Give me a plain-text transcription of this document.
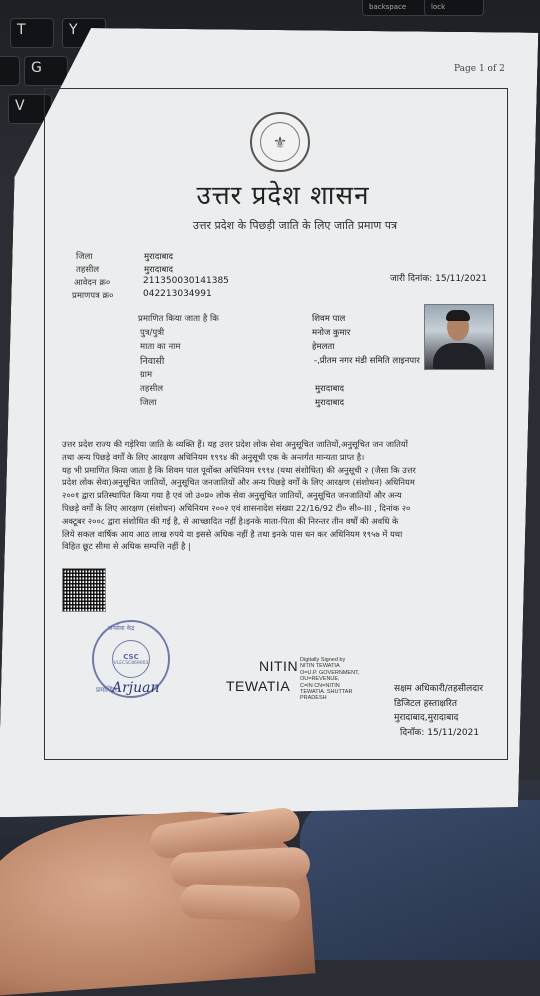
T	Y
G
V
backspace	lock
Page 1 of 2
⚜
उत्तर प्रदेश शासन
उत्तर प्रदेश के पिछड़ी जाति के लिए जाति प्रमाण पत्र
जिला	मुरादाबाद
तहसील	मुरादाबाद
आवेदन क्र०	211350030141385
प्रमाणपत्र क्र०	042213034991
जारी दिनांक: 15/11/2021
प्रमाणित किया जाता है कि	शिवम पाल
पुत्र/पुत्री	मनोज कुमार
माता का नाम	हेमलता
निवासी	-,प्रीतम नगर मंडी समिति लाइनपार
ग्राम
तहसील	मुरादाबाद
जिला	मुरादाबाद
उत्तर प्रदेश राज्य की गड़ेरिया जाति के व्यक्ति हैं। यह उत्तर प्रदेश लोक सेवा अनुसूचित जातियों,अनुसूचित जन जातियों
तथा अन्य पिछड़े वर्गों के लिए आरक्षण अधिनियम १९९४ की अनुसूची एक के अन्तर्गत मान्यता प्राप्त है।
यह भी प्रमाणित किया जाता है कि शिवम पाल पूर्वोक्त अधिनियम १९९४ (यथा संशोधित) की अनुसूची २ (जैसा कि उत्तर
प्रदेश लोक सेवा)अनुसूचित जातियों, अनुसूचित जनजातियों और अन्य पिछड़े वर्गों के लिए आरक्षण (संशोधन) अधिनियम
२००१ द्वारा प्रतिस्थापित किया गया है एवं जो उ०प्र० लोक सेवा अनुसूचित जातियों, अनुसूचित जनजातियों और अन्य
पिछड़े वर्गों के लिए आरक्षण (संशोधन) अधिनियम २००२ एवं शासनादेश संख्या 22/16/92 टी० सी०-III , दिनांक २०
अक्टूबर २००८ द्वारा संशोधित की गई है, से आच्छादित नहीं है।इनके माता-पिता की निरन्तर तीन वर्षों की अवधि के
लिये सकल वार्षिक आय आठ लाख रुपये या इससे अधिक नहीं है तथा इनके पास धन कर अधिनियम १९५७ में यथा
विहित छूट सीमा से अधिक सम्पत्ति नहीं है |
CSC
VLECSC869003
जनसेवा केंद्र
प्रमाणित
Arjuan
NITIN
TEWATIA
Digitally Signed by
NITIN TEWATIA
O=U.P. GOVERNMENT,
OU=REVENUE,
C=IN CN=NITIN
TEWATIA. SHUTTAR
PRADESH
सक्षम अधिकारी/तहसीलदार
डिजिटल हस्ताक्षरित
मुरादाबाद,मुरादाबाद
दिनाँक: 15/11/2021
